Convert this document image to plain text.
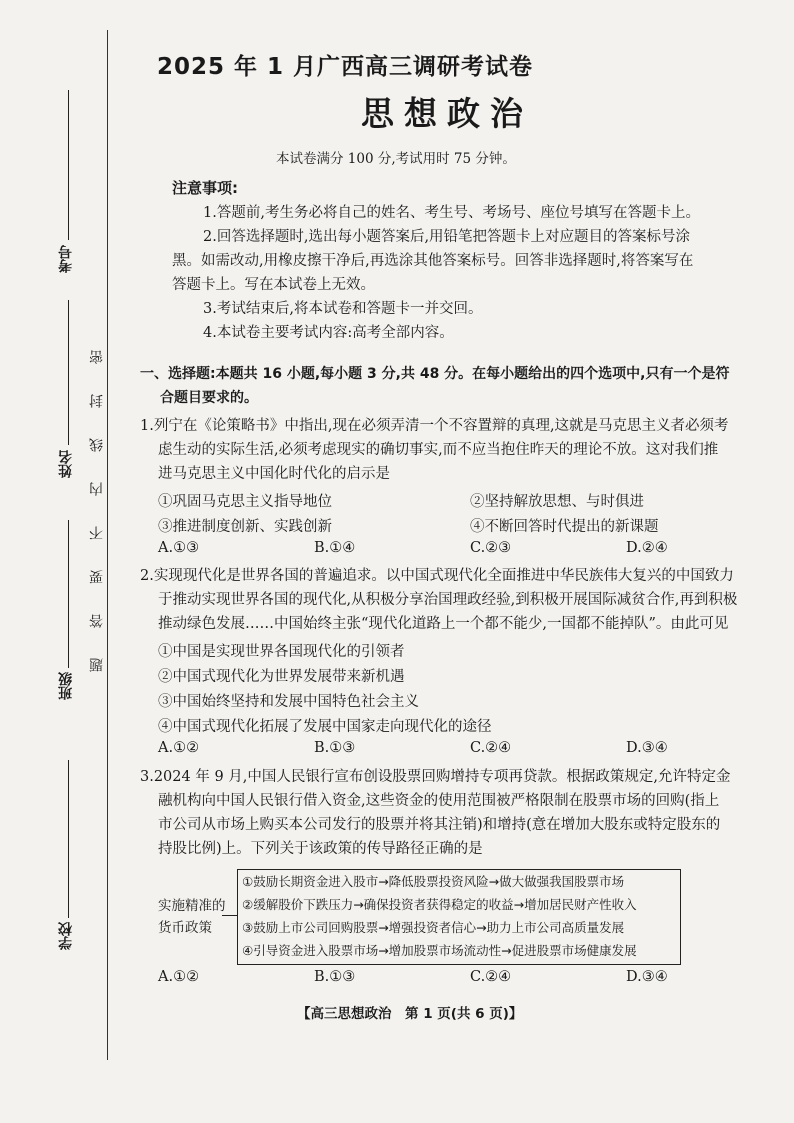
考号
姓名
班级
学校
题
答
要
不
内
线
封
密
2025 年 1 月广西高三调研考试卷
思想政治
本试卷满分 100 分,考试用时 75 分钟。
注意事项:
1.答题前,考生务必将自己的姓名、考生号、考场号、座位号填写在答题卡上。
2.回答选择题时,选出每小题答案后,用铅笔把答题卡上对应题目的答案标号涂
黑。如需改动,用橡皮擦干净后,再选涂其他答案标号。回答非选择题时,将答案写在
答题卡上。写在本试卷上无效。
3.考试结束后,将本试卷和答题卡一并交回。
4.本试卷主要考试内容:高考全部内容。
一、选择题:本题共 16 小题,每小题 3 分,共 48 分。在每小题给出的四个选项中,只有一个是符
合题目要求的。
1.列宁在《论策略书》中指出,现在必须弄清一个不容置辩的真理,这就是马克思主义者必须考
虑生动的实际生活,必须考虑现实的确切事实,而不应当抱住昨天的理论不放。这对我们推
进马克思主义中国化时代化的启示是
①巩固马克思主义指导地位	②坚持解放思想、与时俱进
③推进制度创新、实践创新	④不断回答时代提出的新课题
A.①③	B.①④	C.②③	D.②④
2.实现现代化是世界各国的普遍追求。以中国式现代化全面推进中华民族伟大复兴的中国致力
于推动实现世界各国的现代化,从积极分享治国理政经验,到积极开展国际减贫合作,再到积极
推动绿色发展……中国始终主张“现代化道路上一个都不能少,一国都不能掉队”。由此可见
①中国是实现世界各国现代化的引领者
②中国式现代化为世界发展带来新机遇
③中国始终坚持和发展中国特色社会主义
④中国式现代化拓展了发展中国家走向现代化的途径
A.①②	B.①③	C.②④	D.③④
3.2024 年 9 月,中国人民银行宣布创设股票回购增持专项再贷款。根据政策规定,允许特定金
融机构向中国人民银行借入资金,这些资金的使用范围被严格限制在股票市场的回购(指上
市公司从市场上购买本公司发行的股票并将其注销)和增持(意在增加大股东或特定股东的
持股比例)上。下列关于该政策的传导路径正确的是
实施精准的
货币政策
①鼓励长期资金进入股市→降低股票投资风险→做大做强我国股票市场
②缓解股价下跌压力→确保投资者获得稳定的收益→增加居民财产性收入
③鼓励上市公司回购股票→增强投资者信心→助力上市公司高质量发展
④引导资金进入股票市场→增加股票市场流动性→促进股票市场健康发展
A.①②	B.①③	C.②④	D.③④
【高三思想政治　第 1 页(共 6 页)】
